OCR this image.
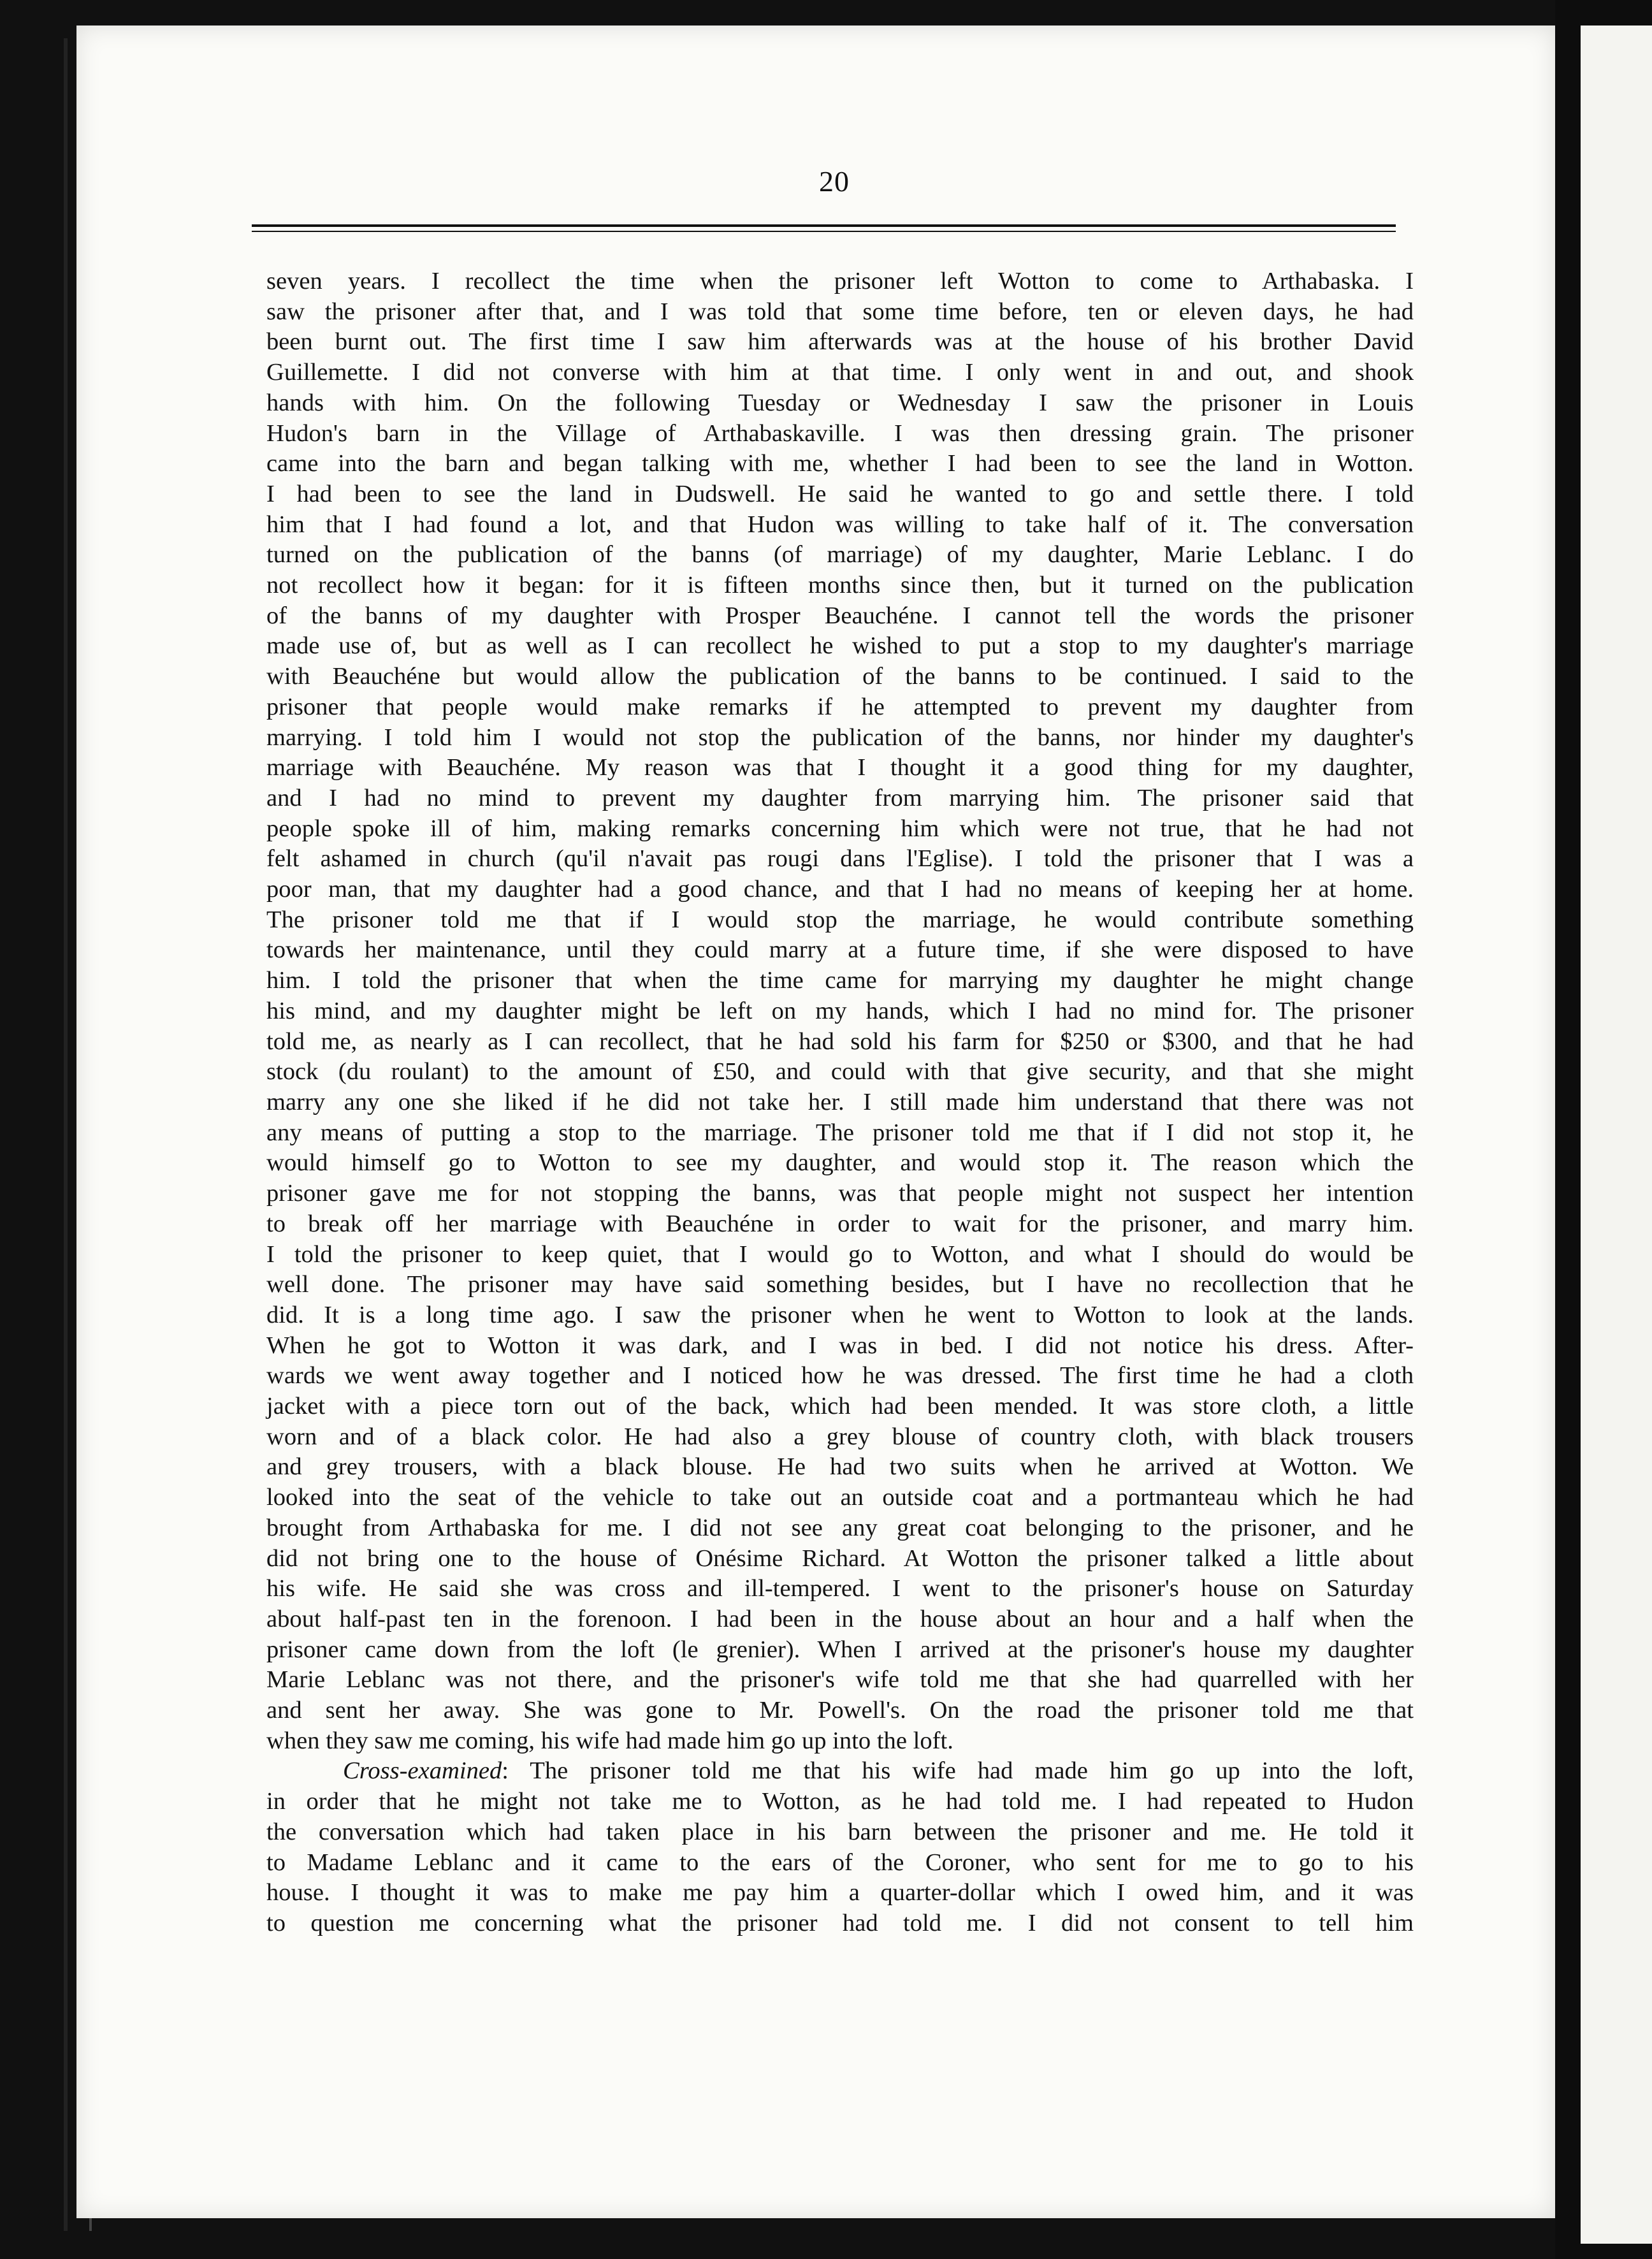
20
seven years. I recollect the time when the prisoner left Wotton to come to Arthabaska. I
saw the prisoner after that, and I was told that some time before, ten or eleven days, he had
been burnt out. The first time I saw him afterwards was at the house of his brother David
Guillemette. I did not converse with him at that time. I only went in and out, and shook
hands with him. On the following Tuesday or Wednesday I saw the prisoner in Louis
Hudon's barn in the Village of Arthabaskaville. I was then dressing grain. The prisoner
came into the barn and began talking with me, whether I had been to see the land in Wotton.
I had been to see the land in Dudswell. He said he wanted to go and settle there. I told
him that I had found a lot, and that Hudon was willing to take half of it. The conversation
turned on the publication of the banns (of marriage) of my daughter, Marie Leblanc. I do
not recollect how it began: for it is fifteen months since then, but it turned on the publication
of the banns of my daughter with Prosper Beauchéne. I cannot tell the words the prisoner
made use of, but as well as I can recollect he wished to put a stop to my daughter's marriage
with Beauchéne but would allow the publication of the banns to be continued. I said to the
prisoner that people would make remarks if he attempted to prevent my daughter from
marrying. I told him I would not stop the publication of the banns, nor hinder my daughter's
marriage with Beauchéne. My reason was that I thought it a good thing for my daughter,
and I had no mind to prevent my daughter from marrying him. The prisoner said that
people spoke ill of him, making remarks concerning him which were not true, that he had not
felt ashamed in church (qu'il n'avait pas rougi dans l'Eglise). I told the prisoner that I was a
poor man, that my daughter had a good chance, and that I had no means of keeping her at home.
The prisoner told me that if I would stop the marriage, he would contribute something
towards her maintenance, until they could marry at a future time, if she were disposed to have
him. I told the prisoner that when the time came for marrying my daughter he might change
his mind, and my daughter might be left on my hands, which I had no mind for. The prisoner
told me, as nearly as I can recollect, that he had sold his farm for $250 or $300, and that he had
stock (du roulant) to the amount of £50, and could with that give security, and that she might
marry any one she liked if he did not take her. I still made him understand that there was not
any means of putting a stop to the marriage. The prisoner told me that if I did not stop it, he
would himself go to Wotton to see my daughter, and would stop it. The reason which the
prisoner gave me for not stopping the banns, was that people might not suspect her intention
to break off her marriage with Beauchéne in order to wait for the prisoner, and marry him.
I told the prisoner to keep quiet, that I would go to Wotton, and what I should do would be
well done. The prisoner may have said something besides, but I have no recollection that he
did. It is a long time ago. I saw the prisoner when he went to Wotton to look at the lands.
When he got to Wotton it was dark, and I was in bed. I did not notice his dress. After-
wards we went away together and I noticed how he was dressed. The first time he had a cloth
jacket with a piece torn out of the back, which had been mended. It was store cloth, a little
worn and of a black color. He had also a grey blouse of country cloth, with black trousers
and grey trousers, with a black blouse. He had two suits when he arrived at Wotton. We
looked into the seat of the vehicle to take out an outside coat and a portmanteau which he had
brought from Arthabaska for me. I did not see any great coat belonging to the prisoner, and he
did not bring one to the house of Onésime Richard. At Wotton the prisoner talked a little about
his wife. He said she was cross and ill-tempered. I went to the prisoner's house on Saturday
about half-past ten in the forenoon. I had been in the house about an hour and a half when the
prisoner came down from the loft (le grenier). When I arrived at the prisoner's house my daughter
Marie Leblanc was not there, and the prisoner's wife told me that she had quarrelled with her
and sent her away. She was gone to Mr. Powell's. On the road the prisoner told me that
when they saw me coming, his wife had made him go up into the loft.
Cross-examined: The prisoner told me that his wife had made him go up into the loft,
in order that he might not take me to Wotton, as he had told me. I had repeated to Hudon
the conversation which had taken place in his barn between the prisoner and me. He told it
to Madame Leblanc and it came to the ears of the Coroner, who sent for me to go to his
house. I thought it was to make me pay him a quarter-dollar which I owed him, and it was
to question me concerning what the prisoner had told me. I did not consent to tell him
